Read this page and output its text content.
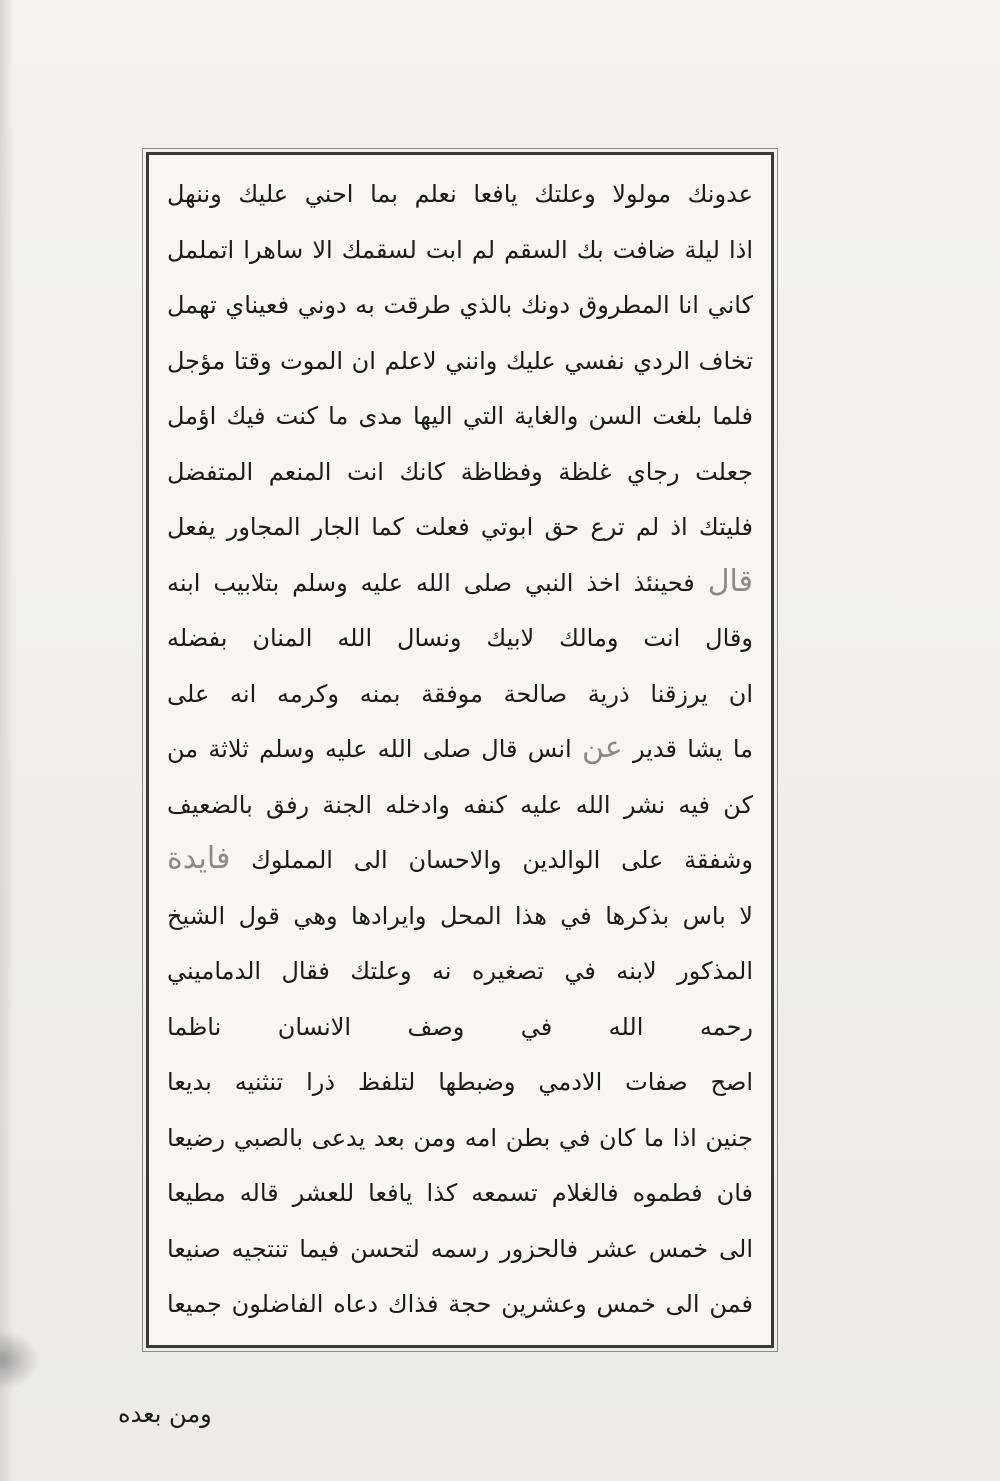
عدونك مولولا وعلتك يافعا نعلم بما احني عليك وننهل
اذا ليلة ضافت بك السقم لم ابت لسقمك الا ساهرا اتململ
كاني انا المطروق دونك بالذي طرقت به دوني فعيناي تهمل
تخاف الردي نفسي عليك وانني لاعلم ان الموت وقتا مؤجل
فلما بلغت السن والغاية التي اليها مدى ما كنت فيك اؤمل
جعلت رجاي غلظة وفظاظة كانك انت المنعم المتفضل
فليتك اذ لم ترع حق ابوتي فعلت كما الجار المجاور يفعل
قال فحينئذ اخذ النبي صلى الله عليه وسلم بتلابيب ابنه
وقال انت ومالك لابيك ونسال الله المنان بفضله
ان يرزقنا ذرية صالحة موفقة بمنه وكرمه انه على
ما يشا قدير عن انس قال صلى الله عليه وسلم ثلاثة من
كن فيه نشر الله عليه كنفه وادخله الجنة رفق بالضعيف
وشفقة على الوالدين والاحسان الى المملوك فايدة
لا باس بذكرها في هذا المحل وايرادها وهي قول الشيخ
المذكور لابنه في تصغيره نه وعلتك فقال الدماميني
رحمه الله في وصف الانسان ناظما
اصح صفات الادمي وضبطها لتلفظ ذرا تنثنيه بديعا
جنين اذا ما كان في بطن امه ومن بعد يدعى بالصبي رضيعا
فان فطموه فالغلام تسمعه كذا يافعا للعشر قاله مطيعا
الى خمس عشر فالحزور رسمه لتحسن فيما تنتجيه صنيعا
فمن الى خمس وعشرين حجة فذاك دعاه الفاضلون جميعا
ومن بعده
